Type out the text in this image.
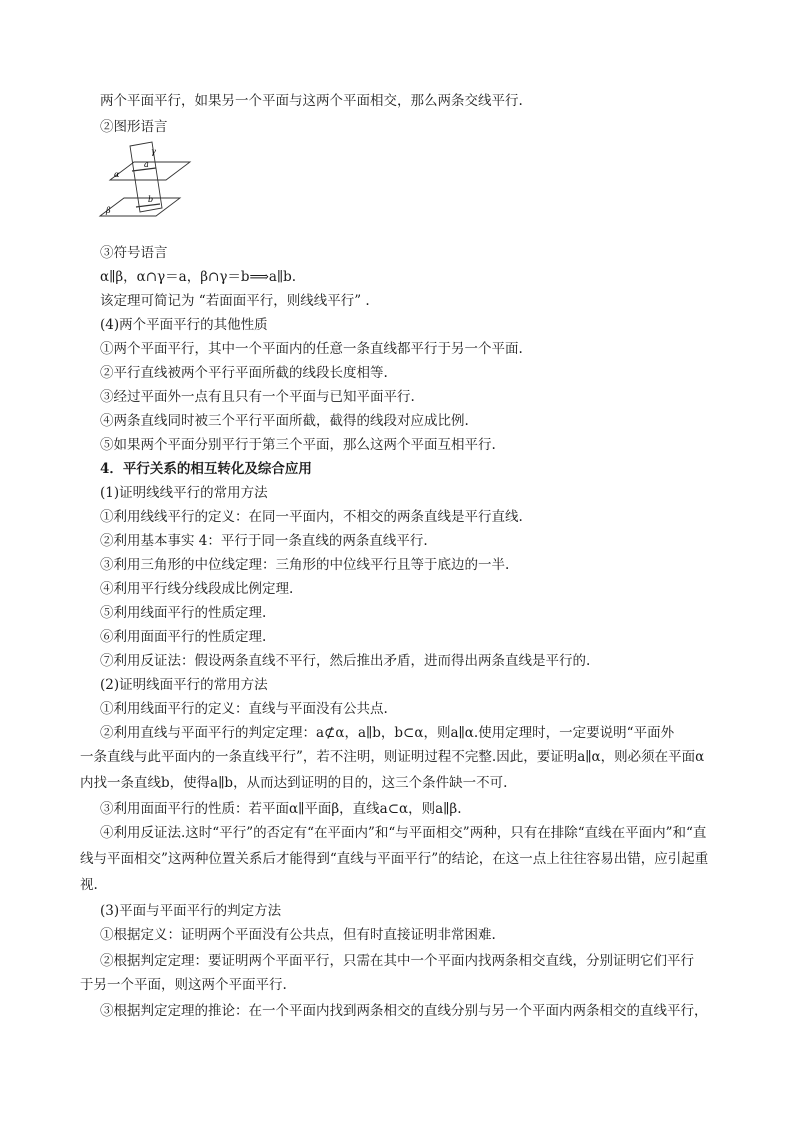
两个平面平行，如果另一个平面与这两个平面相交，那么两条交线平行.
②图形语言
γ
α
β
a
b
③符号语言
α∥β，α∩γ＝a，β∩γ＝b⟹a∥b.
该定理可简记为 “若面面平行，则线线平行” .
(4)两个平面平行的其他性质
①两个平面平行，其中一个平面内的任意一条直线都平行于另一个平面.
②平行直线被两个平行平面所截的线段长度相等.
③经过平面外一点有且只有一个平面与已知平面平行.
④两条直线同时被三个平行平面所截，截得的线段对应成比例.
⑤如果两个平面分别平行于第三个平面，那么这两个平面互相平行.
4．平行关系的相互转化及综合应用
(1)证明线线平行的常用方法
①利用线线平行的定义：在同一平面内，不相交的两条直线是平行直线.
②利用基本事实 4：平行于同一条直线的两条直线平行.
③利用三角形的中位线定理：三角形的中位线平行且等于底边的一半.
④利用平行线分线段成比例定理.
⑤利用线面平行的性质定理.
⑥利用面面平行的性质定理.
⑦利用反证法：假设两条直线不平行，然后推出矛盾，进而得出两条直线是平行的.
(2)证明线面平行的常用方法
①利用线面平行的定义：直线与平面没有公共点.
②利用直线与平面平行的判定定理：a⊄α，a∥b，b⊂α，则a∥α.使用定理时，一定要说明“平面外
一条直线与此平面内的一条直线平行”，若不注明，则证明过程不完整.因此，要证明a∥α，则必须在平面α
内找一条直线b，使得a∥b，从而达到证明的目的，这三个条件缺一不可.
③利用面面平行的性质：若平面α∥平面β，直线a⊂α，则a∥β.
④利用反证法.这时“平行”的否定有“在平面内”和“与平面相交”两种，只有在排除“直线在平面内”和“直
线与平面相交”这两种位置关系后才能得到“直线与平面平行”的结论，在这一点上往往容易出错，应引起重
视.
(3)平面与平面平行的判定方法
①根据定义：证明两个平面没有公共点，但有时直接证明非常困难.
②根据判定定理：要证明两个平面平行，只需在其中一个平面内找两条相交直线，分别证明它们平行
于另一个平面，则这两个平面平行.
③根据判定定理的推论：在一个平面内找到两条相交的直线分别与另一个平面内两条相交的直线平行，
